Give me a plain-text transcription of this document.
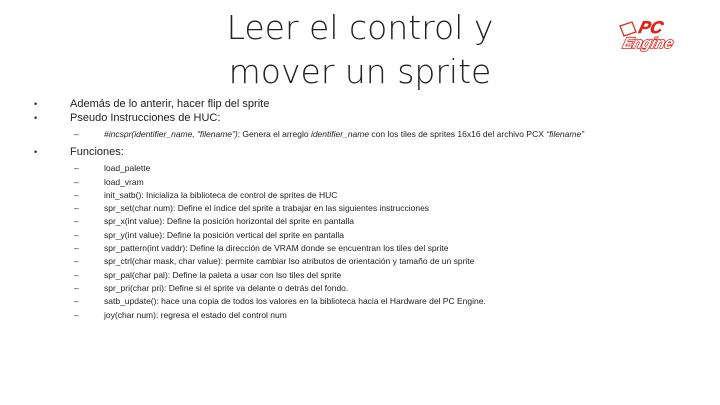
Leer el control y
mover un sprite
PC
Engine
•	Además de lo anterir, hacer flip del sprite
•	Pseudo Instrucciones de HUC:
–	#incspr(identifier_name, “filename”): Genera el arreglo identifier_name con los tiles de sprites 16x16 del archivo PCX “filename”
•	Funciones:
–	load_palette
–	load_vram
–	init_satb(): Inicializa la biblioteca de control de sprites de HUC
–	spr_set(char num): Define el índice del sprite a trabajar en las siguientes instrucciones
–	spr_x(int value): Define la posición horizontal del sprite en pantalla
–	spr_y(int value): Define la posición vertical del sprite en pantalla
–	spr_pattern(int vaddr): Define la dirección de VRAM donde se encuentran los tiles del sprite
–	spr_ctrl(char mask, char value): permite cambiar lso atributos de orientación y tamaño de un sprite
–	spr_pal(char pal): Define la paleta a usar con lso tiles del sprite
–	spr_pri(char pri): Define si el sprite va delante o detrás del fondo.
–	satb_update(): hace una copia de todos los valores en la biblioteca hacia el Hardware del PC Engine.
–	joy(char num): regresa el estado del control num
